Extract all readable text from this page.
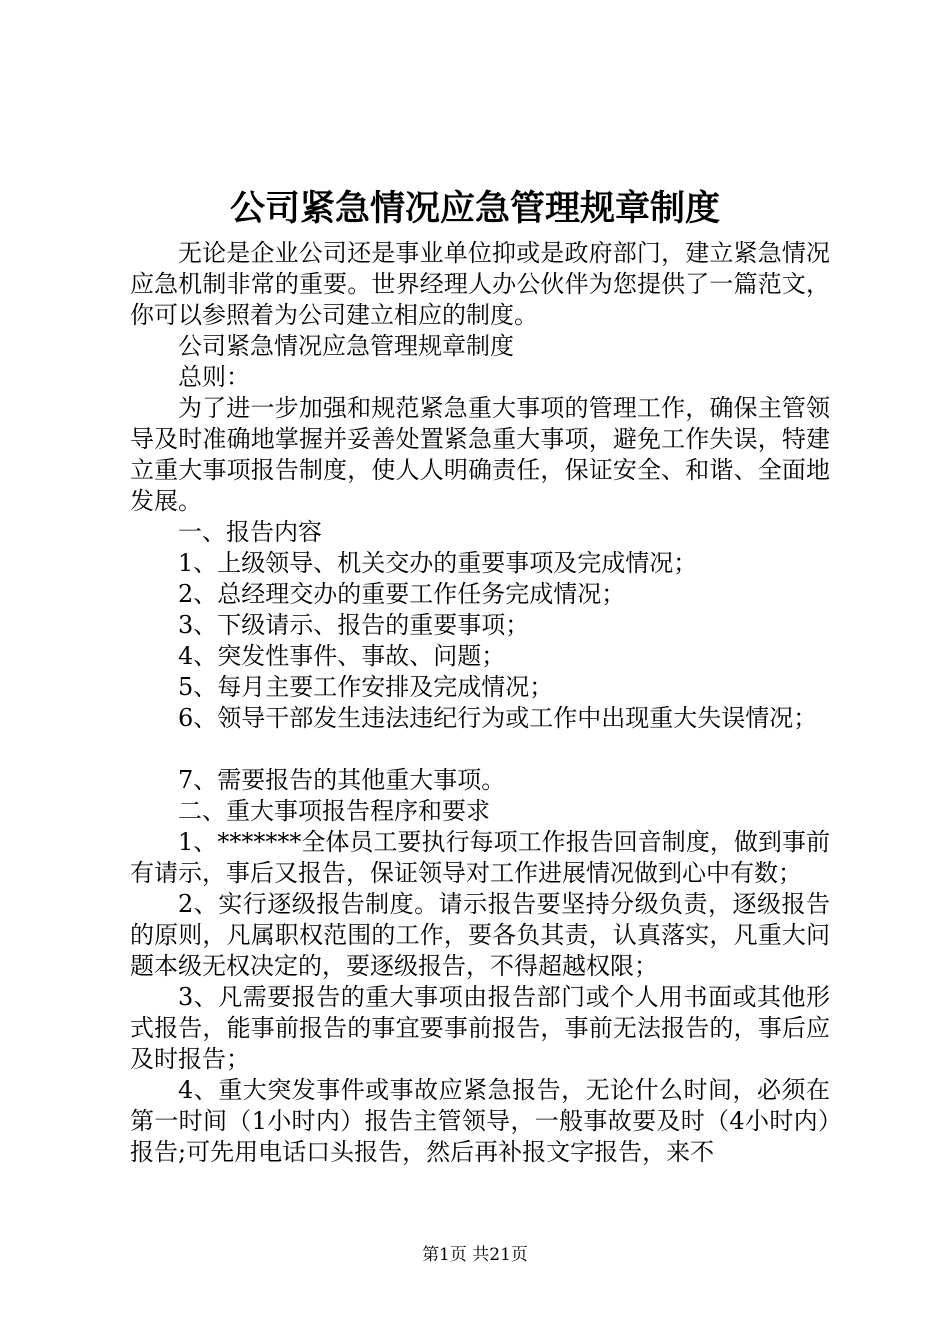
公司紧急情况应急管理规章制度

无论是企业公司还是事业单位抑或是政府部门，建立紧急情况应急机制非常的重要。世界经理人办公伙伴为您提供了一篇范文，你可以参照着为公司建立相应的制度。

公司紧急情况应急管理规章制度

总则：

为了进一步加强和规范紧急重大事项的管理工作，确保主管领导及时准确地掌握并妥善处置紧急重大事项，避免工作失误，特建立重大事项报告制度，使人人明确责任，保证安全、和谐、全面地发展。

一、报告内容

1、上级领导、机关交办的重要事项及完成情况；

2、总经理交办的重要工作任务完成情况；

3、下级请示、报告的重要事项；

4、突发性事件、事故、问题；

5、每月主要工作安排及完成情况；

6、领导干部发生违法违纪行为或工作中出现重大失误情况；

7、需要报告的其他重大事项。

二、重大事项报告程序和要求

1、*******全体员工要执行每项工作报告回音制度，做到事前有请示，事后又报告，保证领导对工作进展情况做到心中有数；

2、实行逐级报告制度。请示报告要坚持分级负责，逐级报告的原则，凡属职权范围的工作，要各负其责，认真落实，凡重大问题本级无权决定的，要逐级报告，不得超越权限；

3、凡需要报告的重大事项由报告部门或个人用书面或其他形式报告，能事前报告的事宜要事前报告，事前无法报告的，事后应及时报告；

4、重大突发事件或事故应紧急报告，无论什么时间，必须在第一时间（1小时内）报告主管领导，一般事故要及时（4小时内）报告;可先用电话口头报告，然后再补报文字报告，来不

第1页 共21页
